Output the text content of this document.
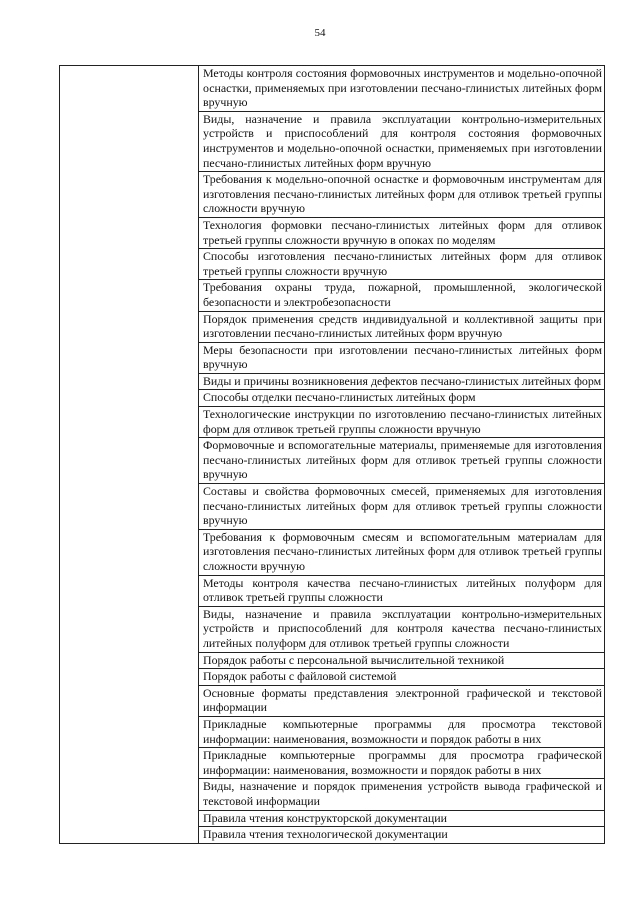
54
	Методы контроля состояния формовочных инструментов и модельно-опочной оснастки, применяемых при изготовлении песчано-глинистых литейных форм вручную
Виды, назначение и правила эксплуатации контрольно-измерительных устройств и приспособлений для контроля состояния формовочных инструментов и модельно-опочной оснастки, применяемых при изготовлении песчано-глинистых литейных форм вручную
Требования к модельно-опочной оснастке и формовочным инструментам для изготовления песчано-глинистых литейных форм для отливок третьей группы сложности вручную
Технология формовки песчано-глинистых литейных форм для отливок третьей группы сложности вручную в опоках по моделям
Способы изготовления песчано-глинистых литейных форм для отливок третьей группы сложности вручную
Требования охраны труда, пожарной, промышленной, экологической безопасности и электробезопасности
Порядок применения средств индивидуальной и коллективной защиты при изготовлении песчано-глинистых литейных форм вручную
Меры безопасности при изготовлении песчано-глинистых литейных форм вручную
Виды и причины возникновения дефектов песчано-глинистых литейных форм
Способы отделки песчано-глинистых литейных форм
Технологические инструкции по изготовлению песчано-глинистых литейных форм для отливок третьей группы сложности вручную
Формовочные и вспомогательные материалы, применяемые для изготовления песчано-глинистых литейных форм для отливок третьей группы сложности вручную
Составы и свойства формовочных смесей, применяемых для изготовления песчано-глинистых литейных форм для отливок третьей группы сложности вручную
Требования к формовочным смесям и вспомогательным материалам для изготовления песчано-глинистых литейных форм для отливок третьей группы сложности вручную
Методы контроля качества песчано-глинистых литейных полуформ для отливок третьей группы сложности
Виды, назначение и правила эксплуатации контрольно-измерительных устройств и приспособлений для контроля качества песчано-глинистых литейных полуформ для отливок третьей группы сложности
Порядок работы с персональной вычислительной техникой
Порядок работы с файловой системой
Основные форматы представления электронной графической и текстовой информации
Прикладные компьютерные программы для просмотра текстовой информации: наименования, возможности и порядок работы в них
Прикладные компьютерные программы для просмотра графической информации: наименования, возможности и порядок работы в них
Виды, назначение и порядок применения устройств вывода графической и текстовой информации
Правила чтения конструкторской документации
Правила чтения технологической документации
